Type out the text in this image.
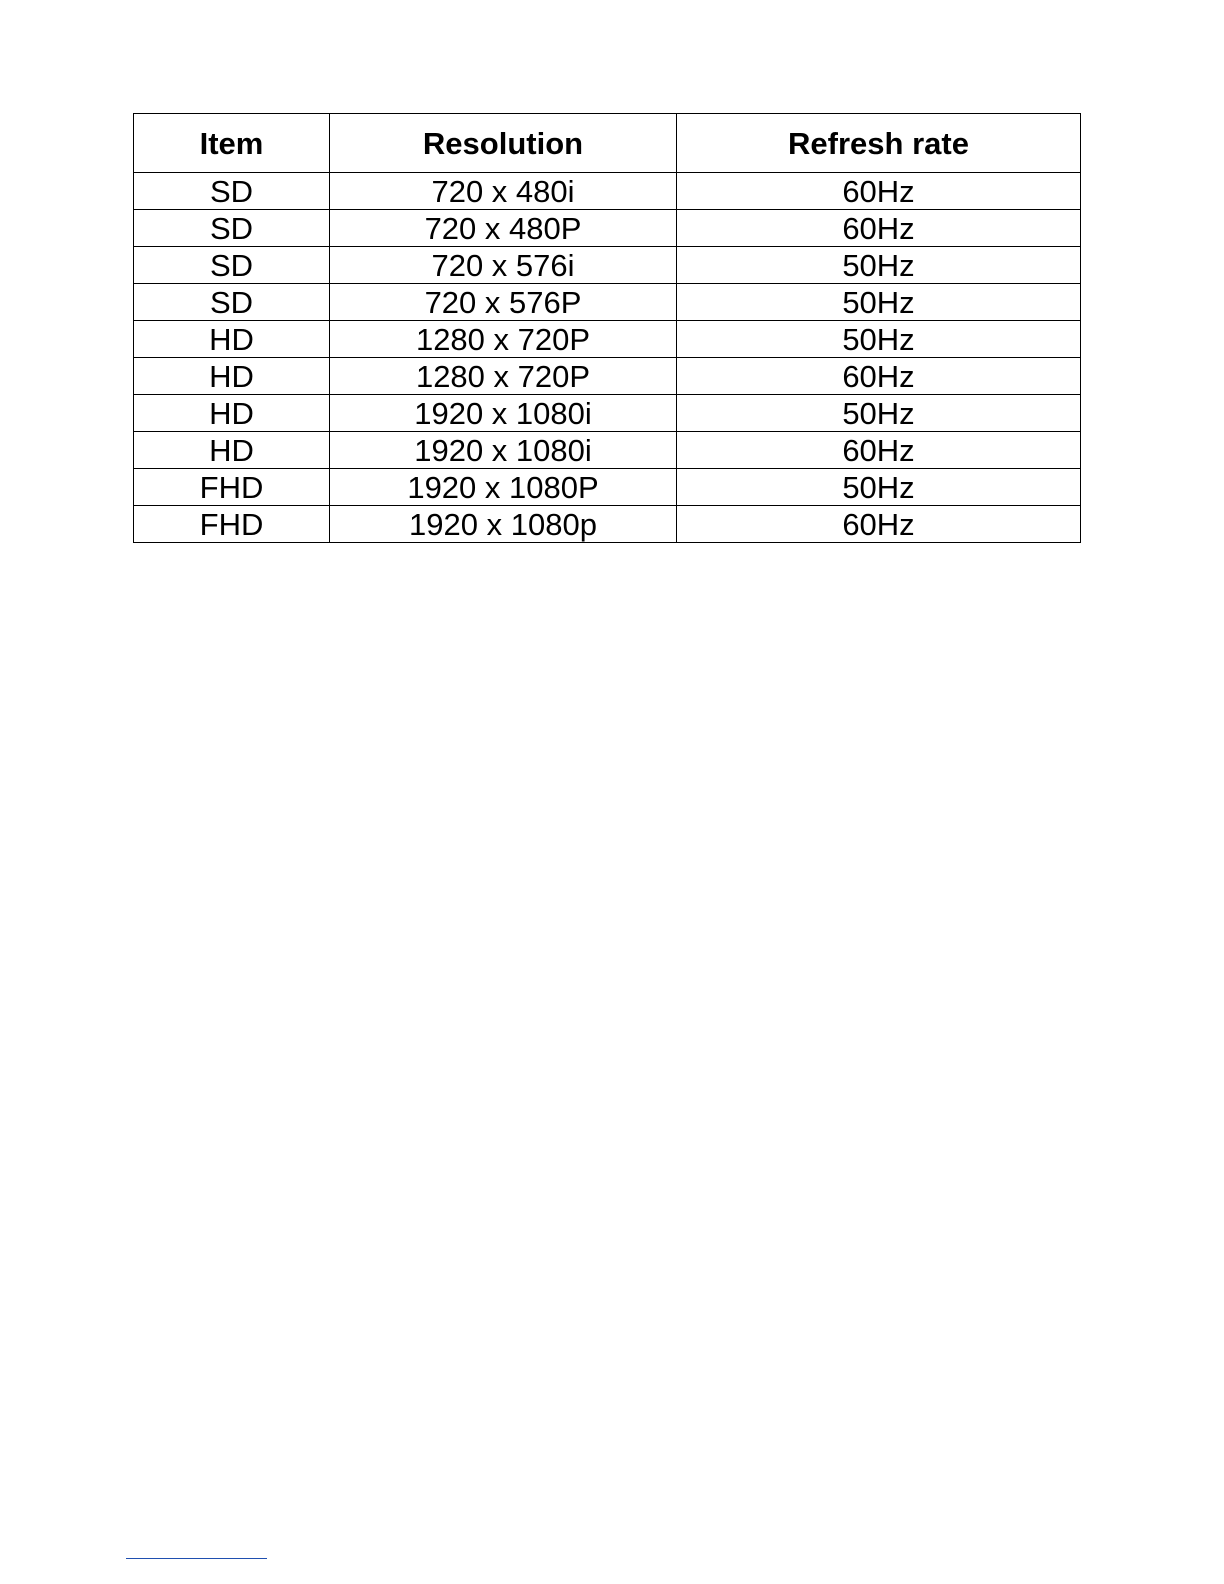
Item	Resolution	Refresh rate
SD	720 x 480i	60Hz
SD	720 x 480P	60Hz
SD	720 x 576i	50Hz
SD	720 x 576P	50Hz
HD	1280 x 720P	50Hz
HD	1280 x 720P	60Hz
HD	1920 x 1080i	50Hz
HD	1920 x 1080i	60Hz
FHD	1920 x 1080P	50Hz
FHD	1920 x 1080p	60Hz
